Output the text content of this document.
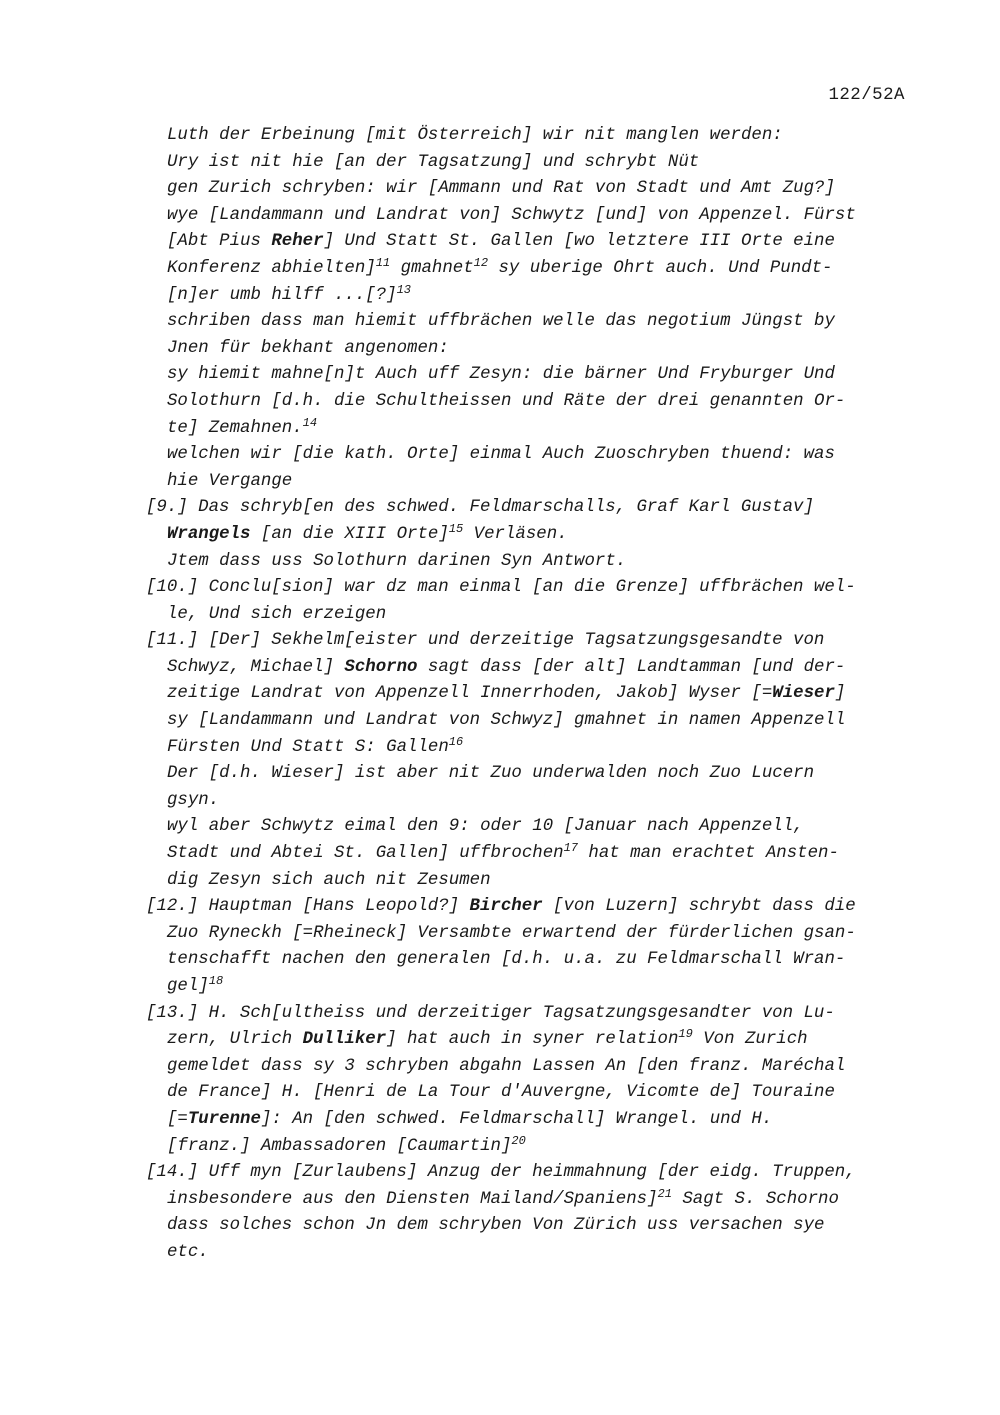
122/52A
Luth der Erbeinung [mit Österreich] wir nit manglen werden:
Ury ist nit hie [an der Tagsatzung] und schrybt Nüt
gen Zurich schryben: wir [Ammann und Rat von Stadt und Amt Zug?]
wye [Landammann und Landrat von] Schwytz [und] von Appenzel. Fürst
[Abt Pius Reher] Und Statt St. Gallen [wo letztere III Orte eine
Konferenz abhielten]$^{11}$ gmahnet$^{12}$ sy uberige Ohrt auch. Und Pundt-
[n]er umb hilff ...[?]$^{13}$
schriben dass man hiemit uffbrächen welle das negotium Jüngst by
Jnen für bekhant angenomen:
sy hiemit mahne[n]t Auch uff Zesyn: die bärner Und Fryburger Und
Solothurn [d.h. die Schultheissen und Räte der drei genannten Or-
te] Zemahnen.$^{14}$
welchen wir [die kath. Orte] einmal Auch Zuoschryben thuend: was
hie Vergange
[9.] Das schryb[en des schwed. Feldmarschalls, Graf Karl Gustav]
Wrangels [an die XIII Orte]$^{15}$ Verläsen.
Jtem dass uss Solothurn darinen Syn Antwort.
[10.] Conclu[sion] war dz man einmal [an die Grenze] uffbrächen wel-
le, Und sich erzeigen
[11.] [Der] Sekhelm[eister und derzeitige Tagsatzungsgesandte von
Schwyz, Michael] Schorno sagt dass [der alt] Landtamman [und der-
zeitige Landrat von Appenzell Innerrhoden, Jakob] Wyser [=Wieser]
sy [Landammann und Landrat von Schwyz] gmahnet in namen Appenzell
Fürsten Und Statt S: Gallen$^{16}$
Der [d.h. Wieser] ist aber nit Zuo underwalden noch Zuo Lucern
gsyn.
wyl aber Schwytz eimal den 9: oder 10 [Januar nach Appenzell,
Stadt und Abtei St. Gallen] uffbrochen$^{17}$ hat man erachtet Ansten-
dig Zesyn sich auch nit Zesumen
[12.] Hauptman [Hans Leopold?] Bircher [von Luzern] schrybt dass die
Zuo Ryneckh [=Rheineck] Versambte erwartend der fürderlichen gsan-
tenschafft nachen den generalen [d.h. u.a. zu Feldmarschall Wran-
gel]$^{18}$
[13.] H. Sch[ultheiss und derzeitiger Tagsatzungsgesandter von Lu-
zern, Ulrich Dulliker] hat auch in syner relation$^{19}$ Von Zurich
gemeldet dass sy 3 schryben abgahn Lassen An [den franz. Maréchal
de France] H. [Henri de La Tour d'Auvergne, Vicomte de] Touraine
[=Turenne]: An [den schwed. Feldmarschall] Wrangel. und H.
[franz.] Ambassadoren [Caumartin]$^{20}$
[14.] Uff myn [Zurlaubens] Anzug der heimmahnung [der eidg. Truppen,
insbesondere aus den Diensten Mailand/Spaniens]$^{21}$ Sagt S. Schorno
dass solches schon Jn dem schryben Von Zürich uss versachen sye
etc.
